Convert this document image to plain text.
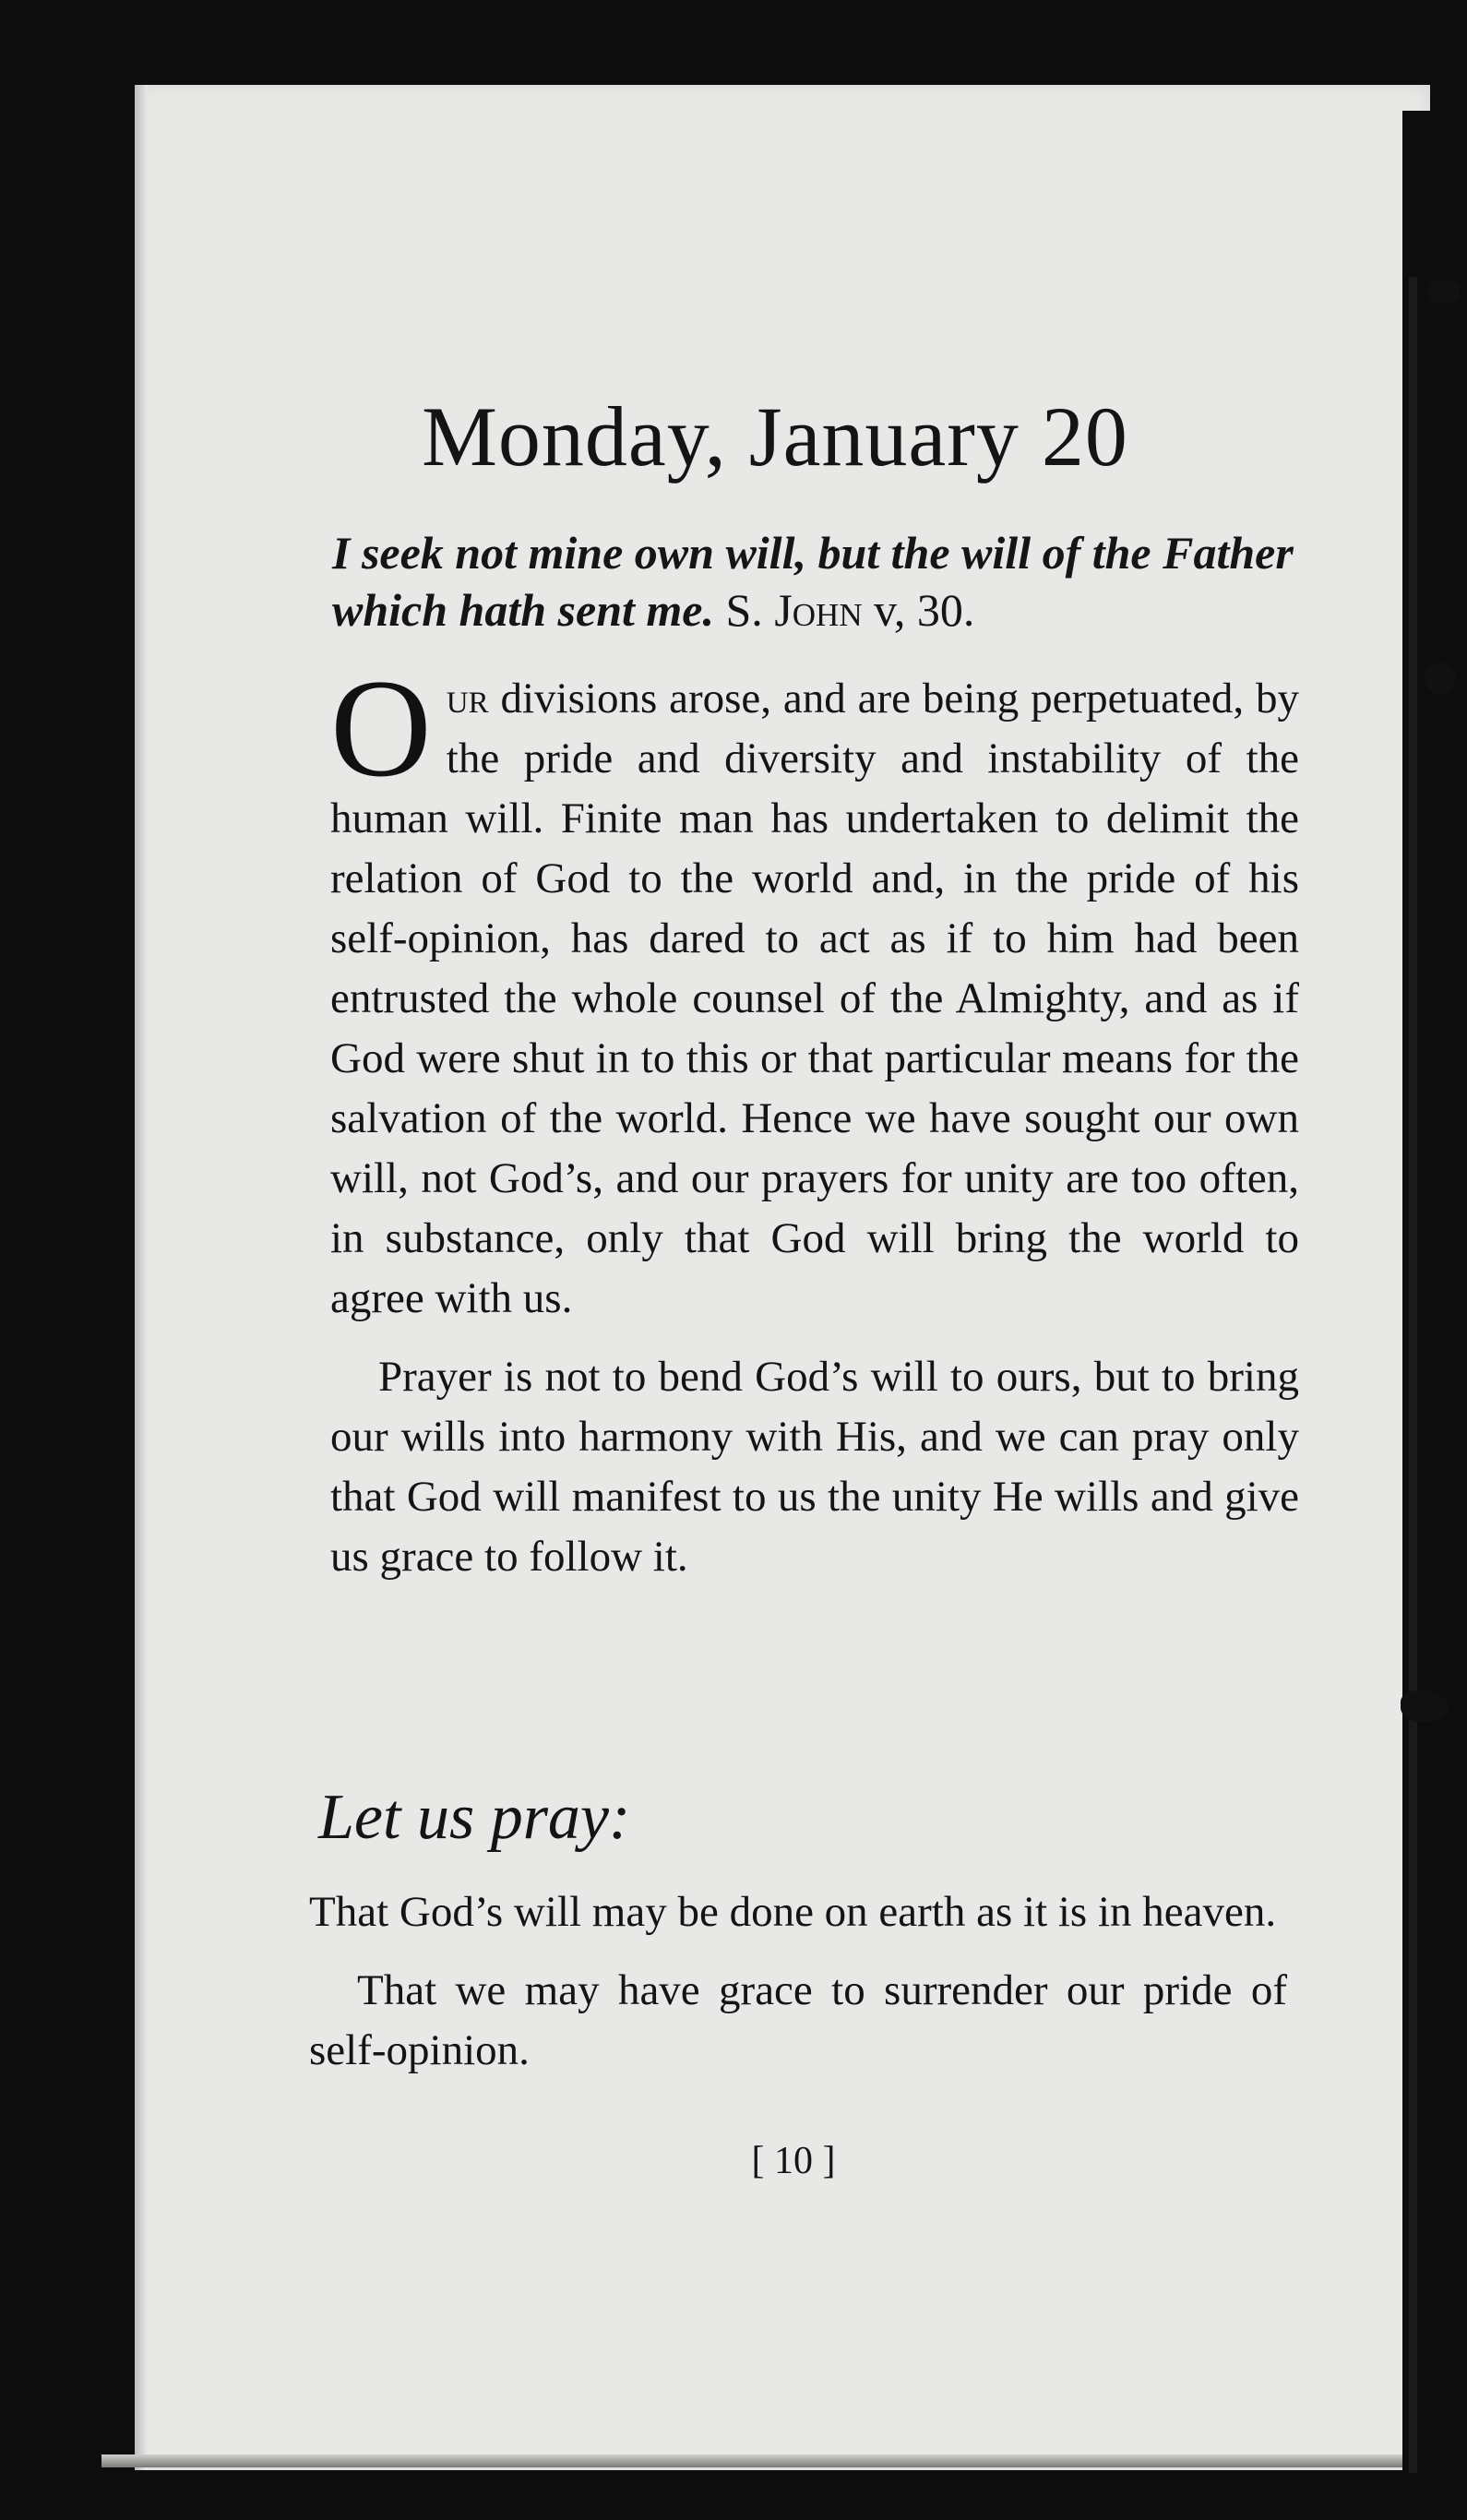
Monday, January 20
I seek not mine own will, but the will of the Father which hath sent me. S. John v, 30.

Our divisions arose, and are being perpetuated, by the pride and diversity and instability of the human will. Finite man has undertaken to delimit the relation of God to the world and, in the pride of his self-opinion, has dared to act as if to him had been entrusted the whole counsel of the Almighty, and as if God were shut in to this or that particular means for the salvation of the world. Hence we have sought our own will, not God’s, and our prayers for unity are too often, in substance, only that God will bring the world to agree with us.

Prayer is not to bend God’s will to ours, but to bring our wills into harmony with His, and we can pray only that God will manifest to us the unity He wills and give us grace to follow it.

Let us pray:

That God’s will may be done on earth as it is in heaven.

That we may have grace to surrender our pride of self-opinion.

[ 10 ]
